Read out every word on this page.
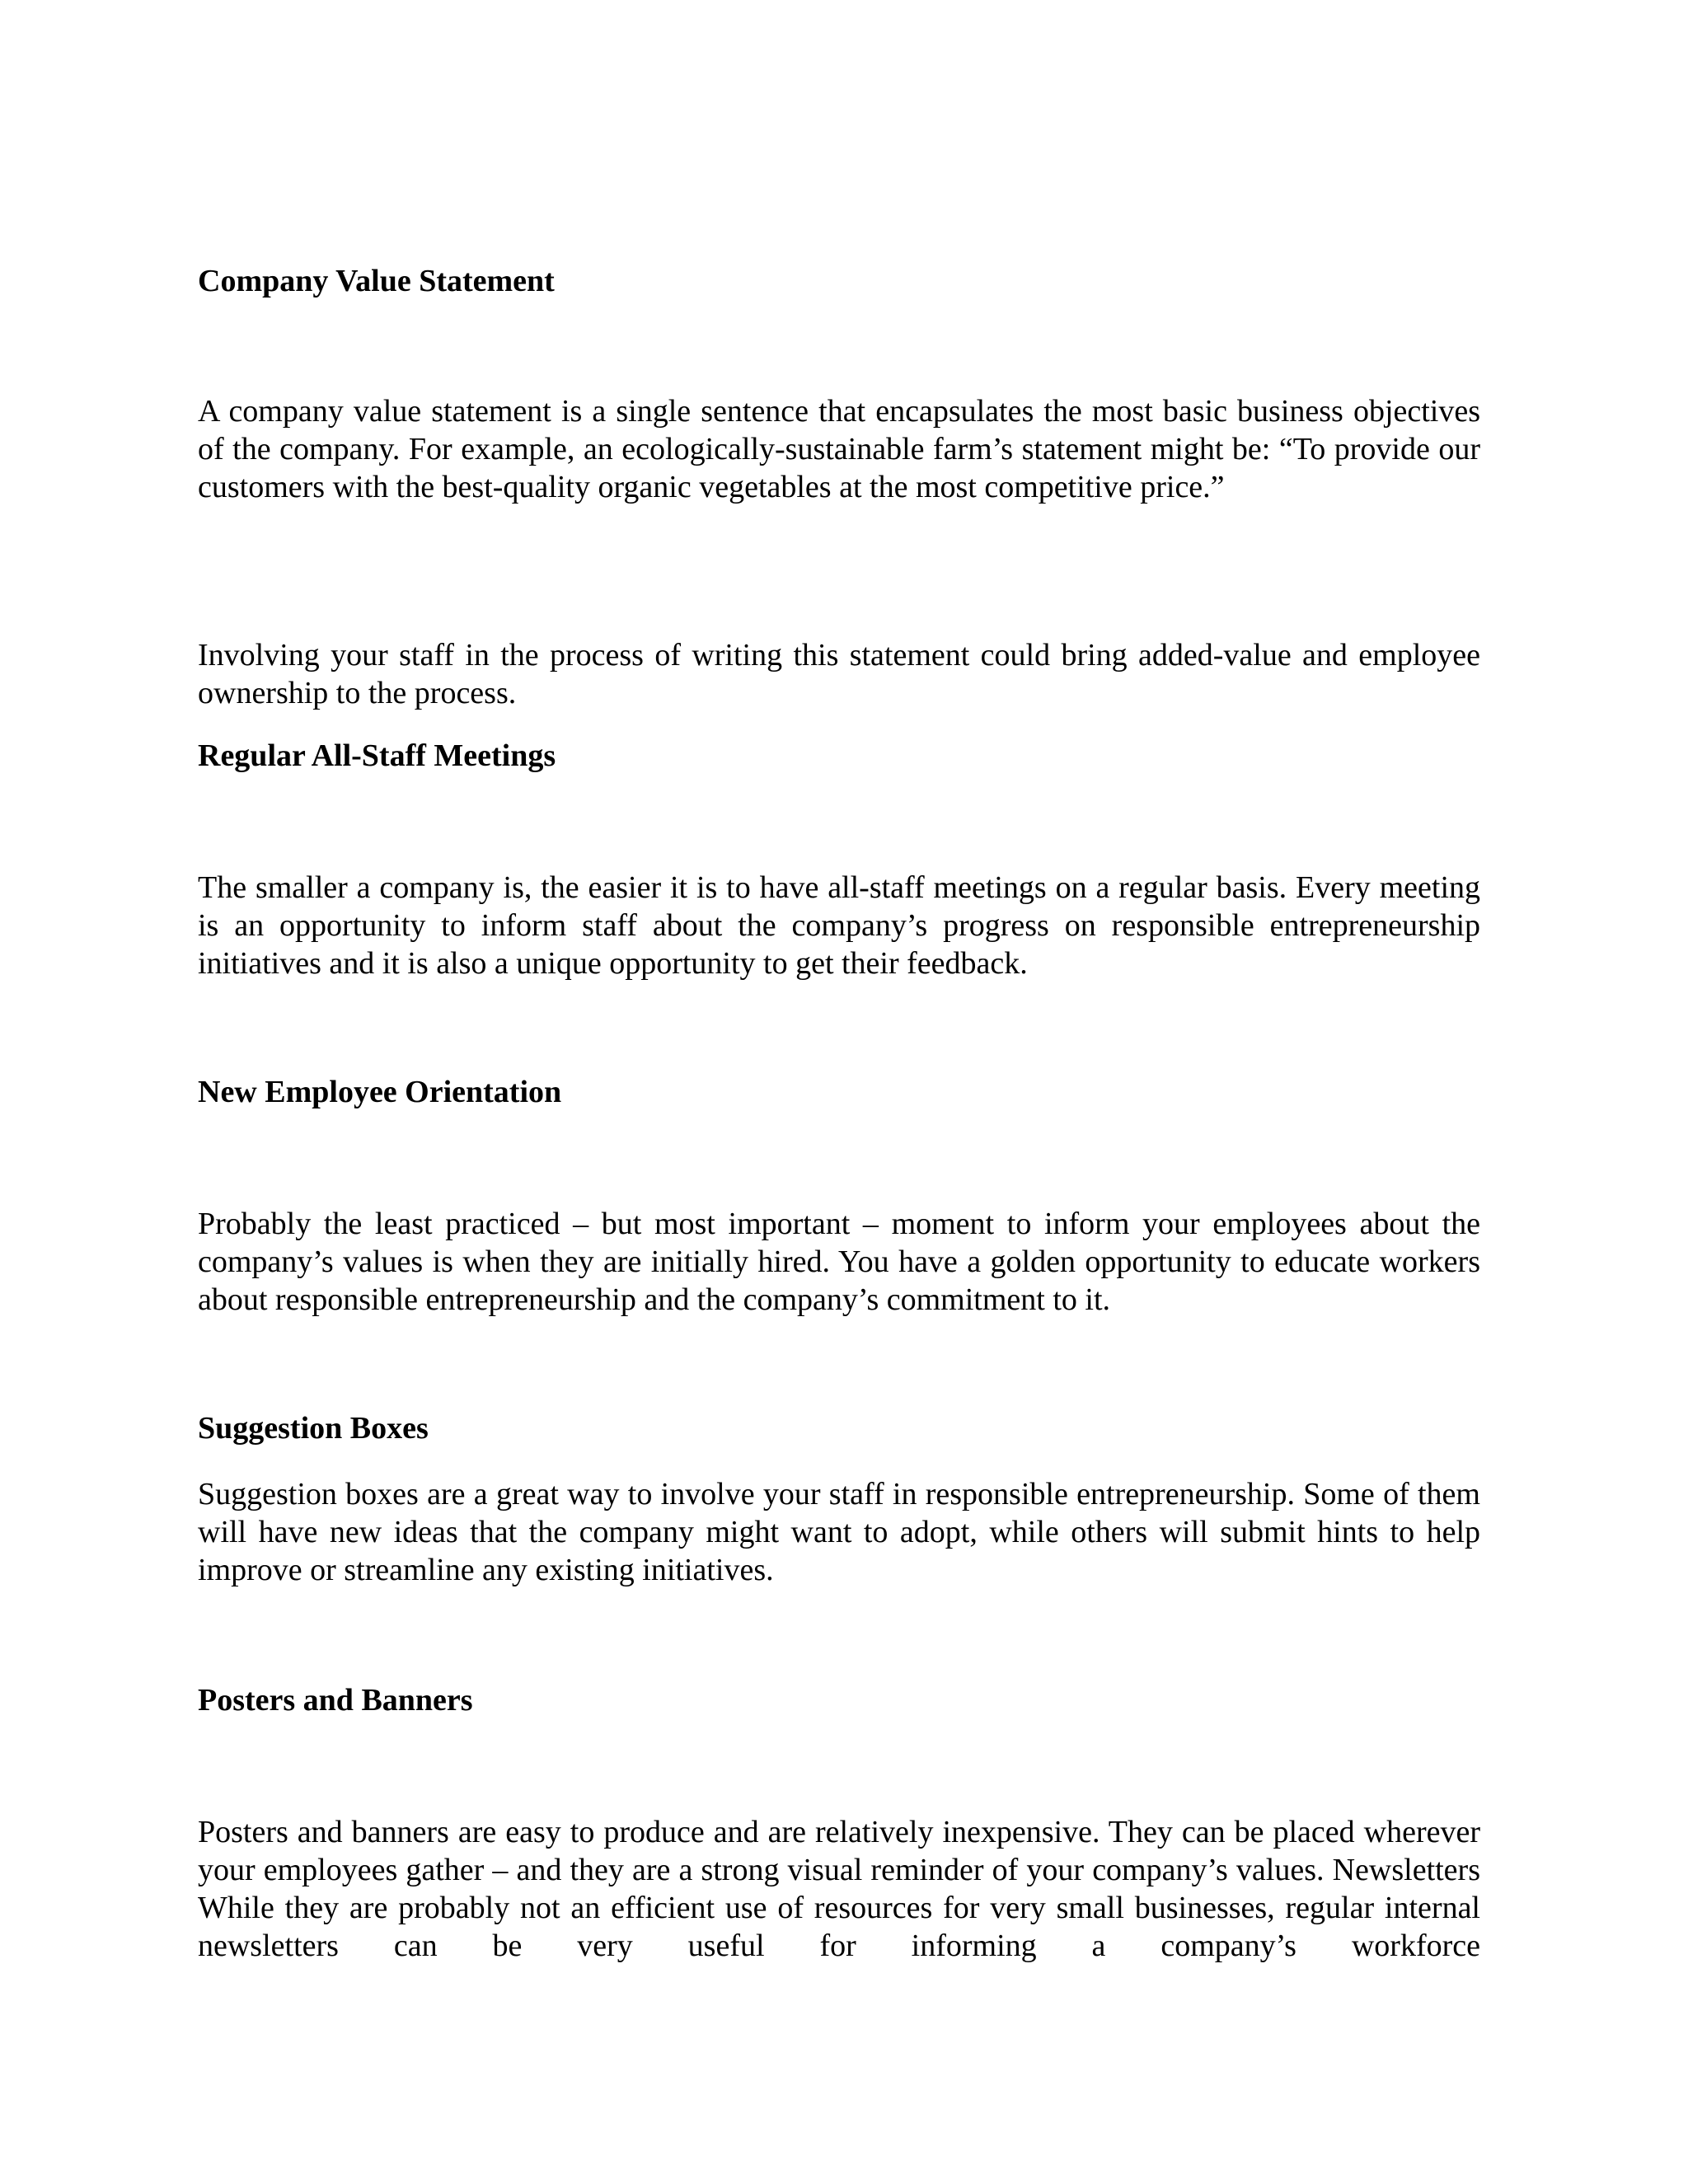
Company Value Statement

A company value statement is a single sentence that encapsulates the most basic business objectives of the company. For example, an ecologically-sustainable farm’s statement might be: “To provide our customers with the best-quality organic vegetables at the most competitive price.”

Involving your staff in the process of writing this statement could bring added-value and employee ownership to the process.

Regular All-Staff Meetings

The smaller a company is, the easier it is to have all-staff meetings on a regular basis. Every meeting is an opportunity to inform staff about the company’s progress on responsible entrepreneurship initiatives and it is also a unique opportunity to get their feedback.

New Employee Orientation

Probably the least practiced – but most important – moment to inform your employees about the company’s values is when they are initially hired. You have a golden opportunity to educate workers about responsible entrepreneurship and the company’s commitment to it.

Suggestion Boxes

Suggestion boxes are a great way to involve your staff in responsible entrepreneurship. Some of them will have new ideas that the company might want to adopt, while others will submit hints to help improve or streamline any existing initiatives.

Posters and Banners

Posters and banners are easy to produce and are relatively inexpensive. They can be placed wherever your employees gather – and they are a strong visual reminder of your company’s values. Newsletters While they are probably not an efficient use of resources for very small businesses, regular internal newsletters can be very useful for informing a company’s workforce
